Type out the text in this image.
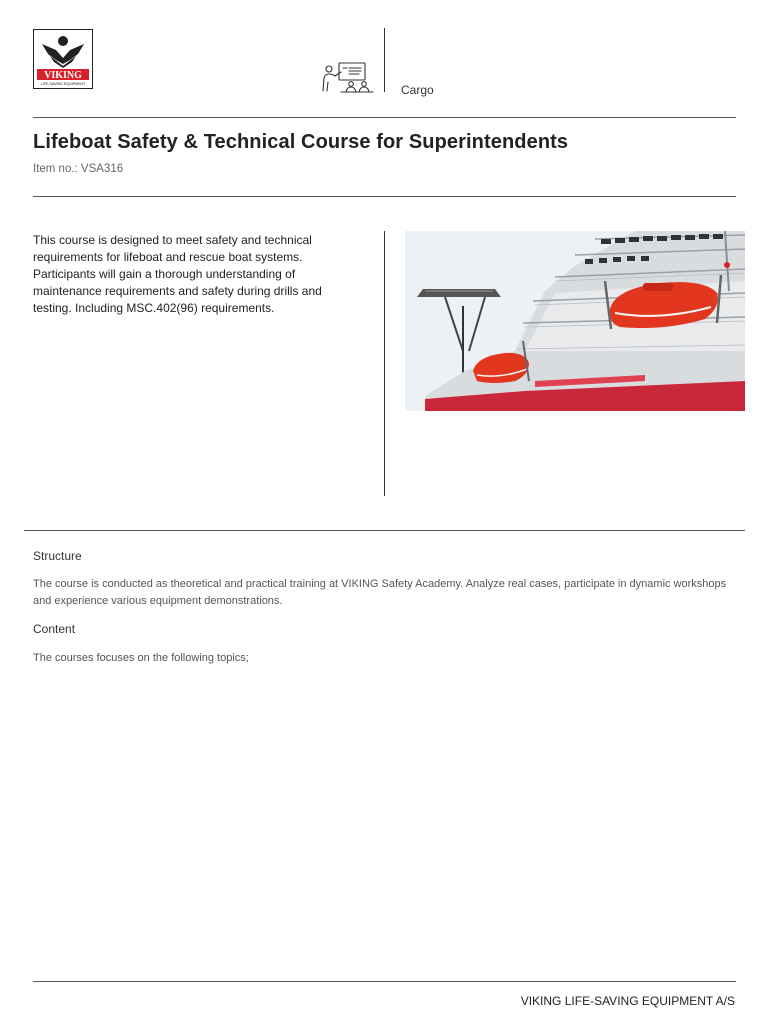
VIKING
LIFE-SAVING EQUIPMENT	Cargo
Lifeboat Safety & Technical Course for Superintendents
Item no.: VSA316

This course is designed to meet safety and technical requirements for lifeboat and rescue boat systems. Participants will gain a thorough understanding of maintenance requirements and safety during drills and testing. Including MSC.402(96) requirements.

Structure

The course is conducted as theoretical and practical training at VIKING Safety Academy. Analyze real cases, participate in dynamic workshops and experience various equipment demonstrations.

Content

The courses focuses on the following topics;

VIKING LIFE-SAVING EQUIPMENT A/S
